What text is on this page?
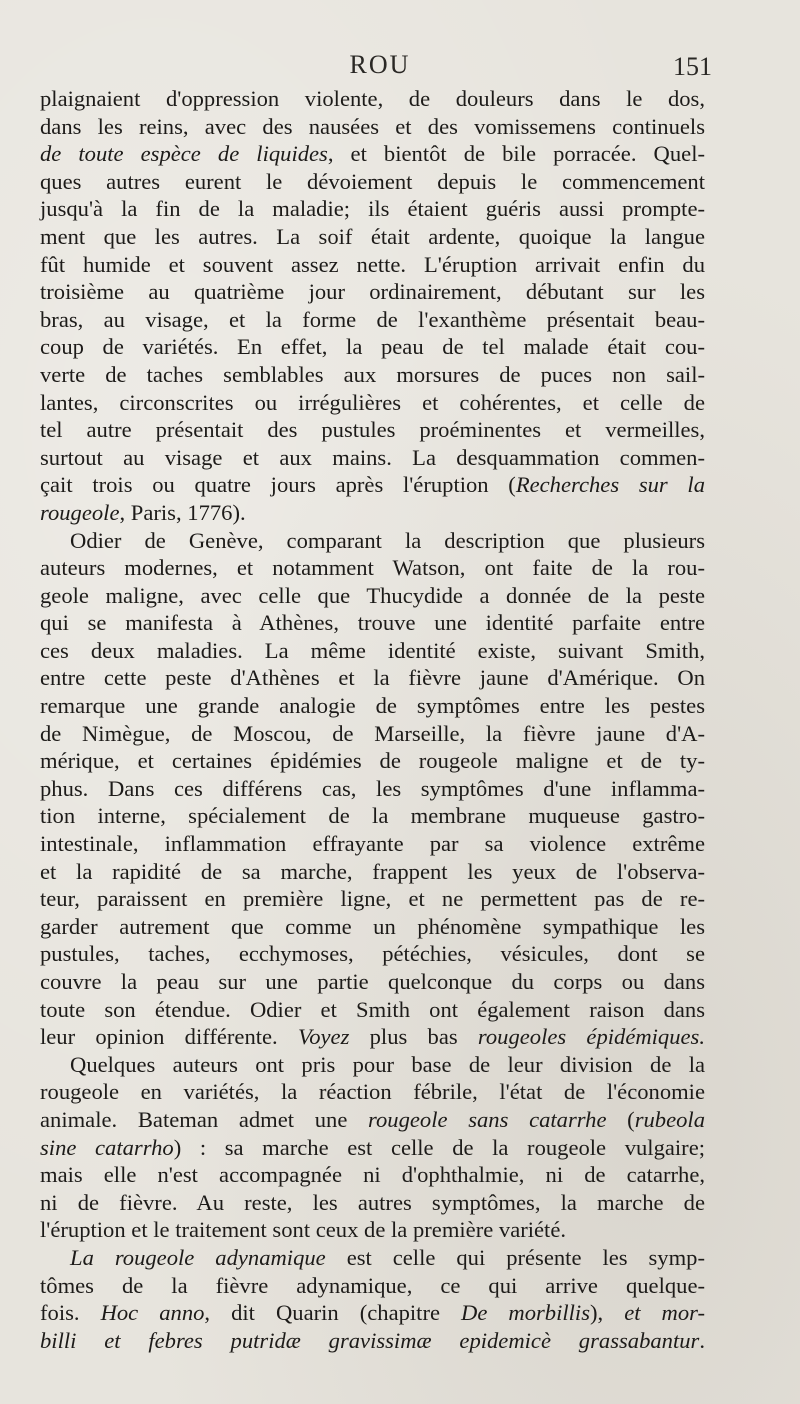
ROU	151
plaignaient d'oppression violente, de douleurs dans le dos,
dans les reins, avec des nausées et des vomissemens continuels
de toute espèce de liquides, et bientôt de bile porracée. Quel-
ques autres eurent le dévoiement depuis le commencement
jusqu'à la fin de la maladie; ils étaient guéris aussi prompte-
ment que les autres. La soif était ardente, quoique la langue
fût humide et souvent assez nette. L'éruption arrivait enfin du
troisième au quatrième jour ordinairement, débutant sur les
bras, au visage, et la forme de l'exanthème présentait beau-
coup de variétés. En effet, la peau de tel malade était cou-
verte de taches semblables aux morsures de puces non sail-
lantes, circonscrites ou irrégulières et cohérentes, et celle de
tel autre présentait des pustules proéminentes et vermeilles,
surtout au visage et aux mains. La desquammation commen-
çait trois ou quatre jours après l'éruption (Recherches sur la
rougeole, Paris, 1776).
Odier de Genève, comparant la description que plusieurs
auteurs modernes, et notamment Watson, ont faite de la rou-
geole maligne, avec celle que Thucydide a donnée de la peste
qui se manifesta à Athènes, trouve une identité parfaite entre
ces deux maladies. La même identité existe, suivant Smith,
entre cette peste d'Athènes et la fièvre jaune d'Amérique. On
remarque une grande analogie de symptômes entre les pestes
de Nimègue, de Moscou, de Marseille, la fièvre jaune d'A-
mérique, et certaines épidémies de rougeole maligne et de ty-
phus. Dans ces différens cas, les symptômes d'une inflamma-
tion interne, spécialement de la membrane muqueuse gastro-
intestinale, inflammation effrayante par sa violence extrême
et la rapidité de sa marche, frappent les yeux de l'observa-
teur, paraissent en première ligne, et ne permettent pas de re-
garder autrement que comme un phénomène sympathique les
pustules, taches, ecchymoses, pétéchies, vésicules, dont se
couvre la peau sur une partie quelconque du corps ou dans
toute son étendue. Odier et Smith ont également raison dans
leur opinion différente. Voyez plus bas rougeoles épidémiques.
Quelques auteurs ont pris pour base de leur division de la
rougeole en variétés, la réaction fébrile, l'état de l'économie
animale. Bateman admet une rougeole sans catarrhe (rubeola
sine catarrho) : sa marche est celle de la rougeole vulgaire;
mais elle n'est accompagnée ni d'ophthalmie, ni de catarrhe,
ni de fièvre. Au reste, les autres symptômes, la marche de
l'éruption et le traitement sont ceux de la première variété.
La rougeole adynamique est celle qui présente les symp-
tômes de la fièvre adynamique, ce qui arrive quelque-
fois. Hoc anno, dit Quarin (chapitre De morbillis), et mor-
billi et febres putridæ gravissimæ epidemicè grassabantur.
